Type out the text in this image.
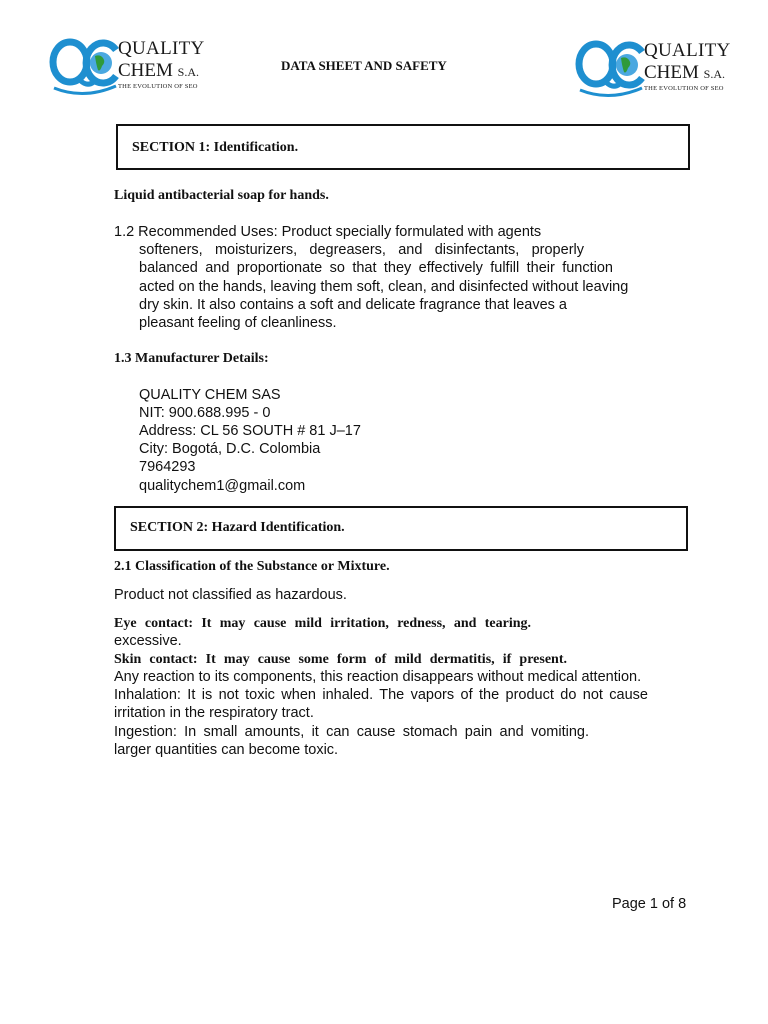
QUALITY
CHEM S.A.
THE EVOLUTION OF SEO
DATA SHEET AND SAFETY
QUALITY
CHEM S.A.
THE EVOLUTION OF SEO
SECTION 1: Identification.
Liquid antibacterial soap for hands.
1.2 Recommended Uses: Product specially formulated with agents
softeners, moisturizers, degreasers, and disinfectants, properly
balanced and proportionate so that they effectively fulfill their function
acted on the hands, leaving them soft, clean, and disinfected without leaving
dry skin. It also contains a soft and delicate fragrance that leaves a
pleasant feeling of cleanliness.
1.3 Manufacturer Details:
QUALITY CHEM SAS
NIT: 900.688.995 - 0
Address: CL 56 SOUTH # 81 J–17
City: Bogotá, D.C. Colombia
7964293
qualitychem1@gmail.com
SECTION 2: Hazard Identification.
2.1 Classification of the Substance or Mixture.
Product not classified as hazardous.
Eye contact: It may cause mild irritation, redness, and tearing.
excessive.
Skin contact: It may cause some form of mild dermatitis, if present.
Any reaction to its components, this reaction disappears without medical attention.
Inhalation: It is not toxic when inhaled. The vapors of the product do not cause
irritation in the respiratory tract.
Ingestion: In small amounts, it can cause stomach pain and vomiting.
larger quantities can become toxic.
Page 1 of 8
